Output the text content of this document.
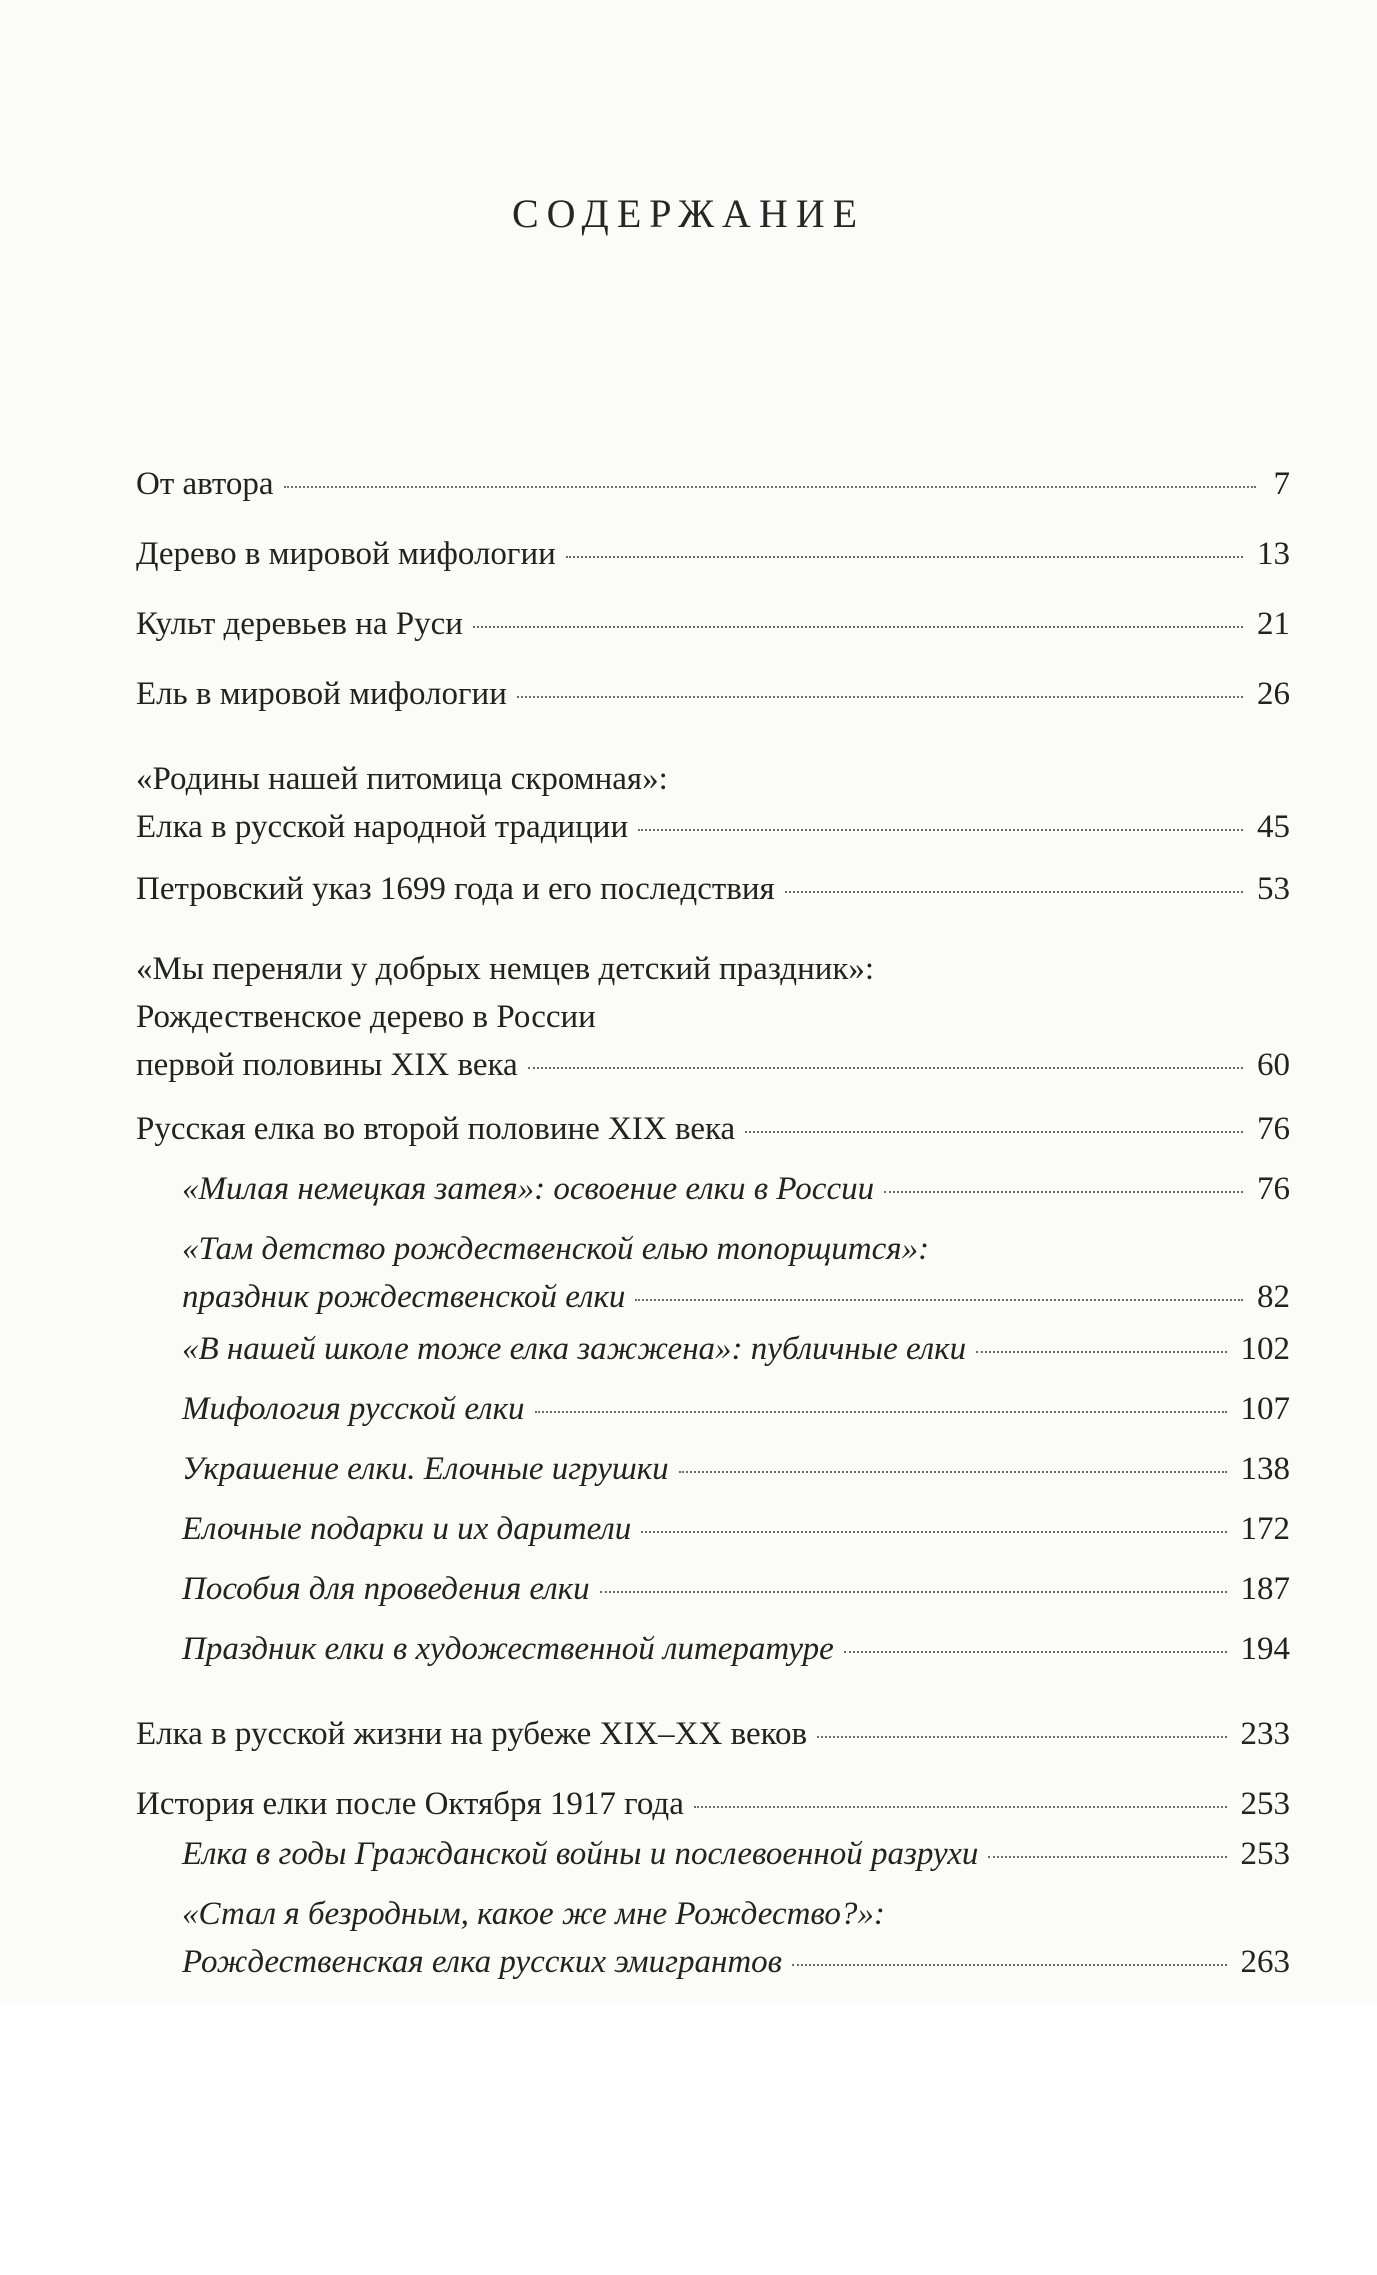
СОДЕРЖАНИЕ
От автора	7
Дерево в мировой мифологии	13
Культ деревьев на Руси	21
Ель в мировой мифологии	26
«Родины нашей питомица скромная»:
Елка в русской народной традиции	45
Петровский указ 1699 года и его последствия	53
«Мы переняли у добрых немцев детский праздник»:
Рождественское дерево в России
первой половины XIX века	60
Русская елка во второй половине XIX века	76
«Милая немецкая затея»: освоение елки в России	76
«Там детство рождественской елью топорщится»:
праздник рождественской елки	82
«В нашей школе тоже елка зажжена»: публичные елки	102
Мифология русской елки	107
Украшение елки. Елочные игрушки	138
Елочные подарки и их дарители	172
Пособия для проведения елки	187
Праздник елки в художественной литературе	194
Елка в русской жизни на рубеже XIX–XX веков	233
История елки после Октября 1917 года	253
Елка в годы Гражданской войны и послевоенной разрухи	253
«Стал я безродным, какое же мне Рождество?»:
Рождественская елка русских эмигрантов	263
